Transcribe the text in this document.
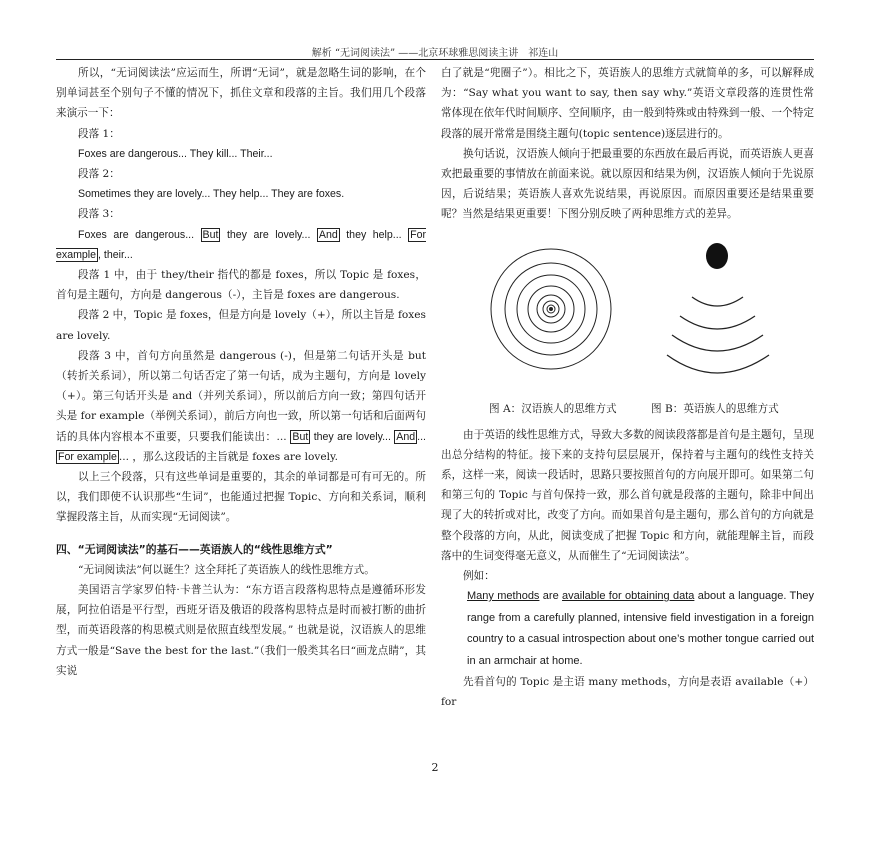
解析 “无词阅读法” ——北京环球雅思阅读主讲　祁连山

所以，“无词阅读法”应运而生，所谓“无词”，就是忽略生词的影响，在个别单词甚至个别句子不懂的情况下，抓住文章和段落的主旨。我们用几个段落来演示一下：

段落 1：

Foxes are dangerous... They kill... Their...

段落 2：

Sometimes they are lovely... They help... They are foxes.

段落 3：

Foxes are dangerous... But they are lovely... And they help... For example , their...

段落 1 中，由于 they/their 指代的都是 foxes，所以 Topic 是 foxes，首句是主题句，方向是 dangerous（-），主旨是 foxes are dangerous.

段落 2 中，Topic 是 foxes，但是方向是 lovely（+），所以主旨是 foxes are lovely.

段落 3 中，首句方向虽然是 dangerous (-)，但是第二句话开头是 but（转折关系词），所以第二句话否定了第一句话，成为主题句，方向是 lovely（+）。第三句话开头是 and（并列关系词），所以前后方向一致；第四句话开头是 for example（举例关系词），前后方向也一致，所以第一句话和后面两句话的具体内容根本不重要，只要我们能读出：... But they are lovely... And ... For example ... ，那么这段话的主旨就是 foxes are lovely.

以上三个段落，只有这些单词是重要的，其余的单词都是可有可无的。所以，我们即使不认识那些“生词”，也能通过把握 Topic、方向和关系词，顺利掌握段落主旨，从而实现“无词阅读”。

四、“无词阅读法”的基石——英语族人的“线性思维方式”

“无词阅读法”何以诞生？这全拜托了英语族人的线性思维方式。

美国语言学家罗伯特·卡普兰认为：“东方语言段落构思特点是遵循环形发展，阿拉伯语是平行型，西班牙语及俄语的段落构思特点是时而被打断的曲折型，而英语段落的构思模式则是依照直线型发展。” 也就是说，汉语族人的思维方式一般是“Save the best for the last.”（我们一般类其名曰“画龙点睛”，其实说

白了就是“兜圈子”）。相比之下，英语族人的思维方式就简单的多，可以解释成为：“Say what you want to say, then say why.”英语文章段落的连贯性常常体现在依年代时间顺序、空间顺序，由一般到特殊或由特殊到一般、一个特定段落的展开常常是围绕主题句(topic sentence)逐层进行的。

换句话说，汉语族人倾向于把最重要的东西放在最后再说，而英语族人更喜欢把最重要的事情放在前面来说。就以原因和结果为例，汉语族人倾向于先说原因，后说结果；英语族人喜欢先说结果，再说原因。而原因重要还是结果重要呢？当然是结果更重要！下图分别反映了两种思维方式的差异。

图 A：汉语族人的思维方式	图 B：英语族人的思维方式

由于英语的线性思维方式，导致大多数的阅读段落都是首句是主题句，呈现出总分结构的特征。接下来的支持句层层展开，保持着与主题句的线性支持关系，这样一来，阅读一段话时，思路只要按照首句的方向展开即可。如果第二句和第三句的 Topic 与首句保持一致，那么首句就是段落的主题句，除非中间出现了大的转折或对比，改变了方向。而如果首句是主题句，那么首句的方向就是整个段落的方向，从此，阅读变成了把握 Topic 和方向，就能理解主旨，而段落中的生词变得毫无意义，从而催生了“无词阅读法”。

例如：

Many methods are available for obtaining data about a language. They range from a carefully planned, intensive field investigation in a foreign country to a casual introspection about one’s mother tongue carried out in an armchair at home.

先看首句的 Topic 是主语 many methods，方向是表语 available（+） for

2
